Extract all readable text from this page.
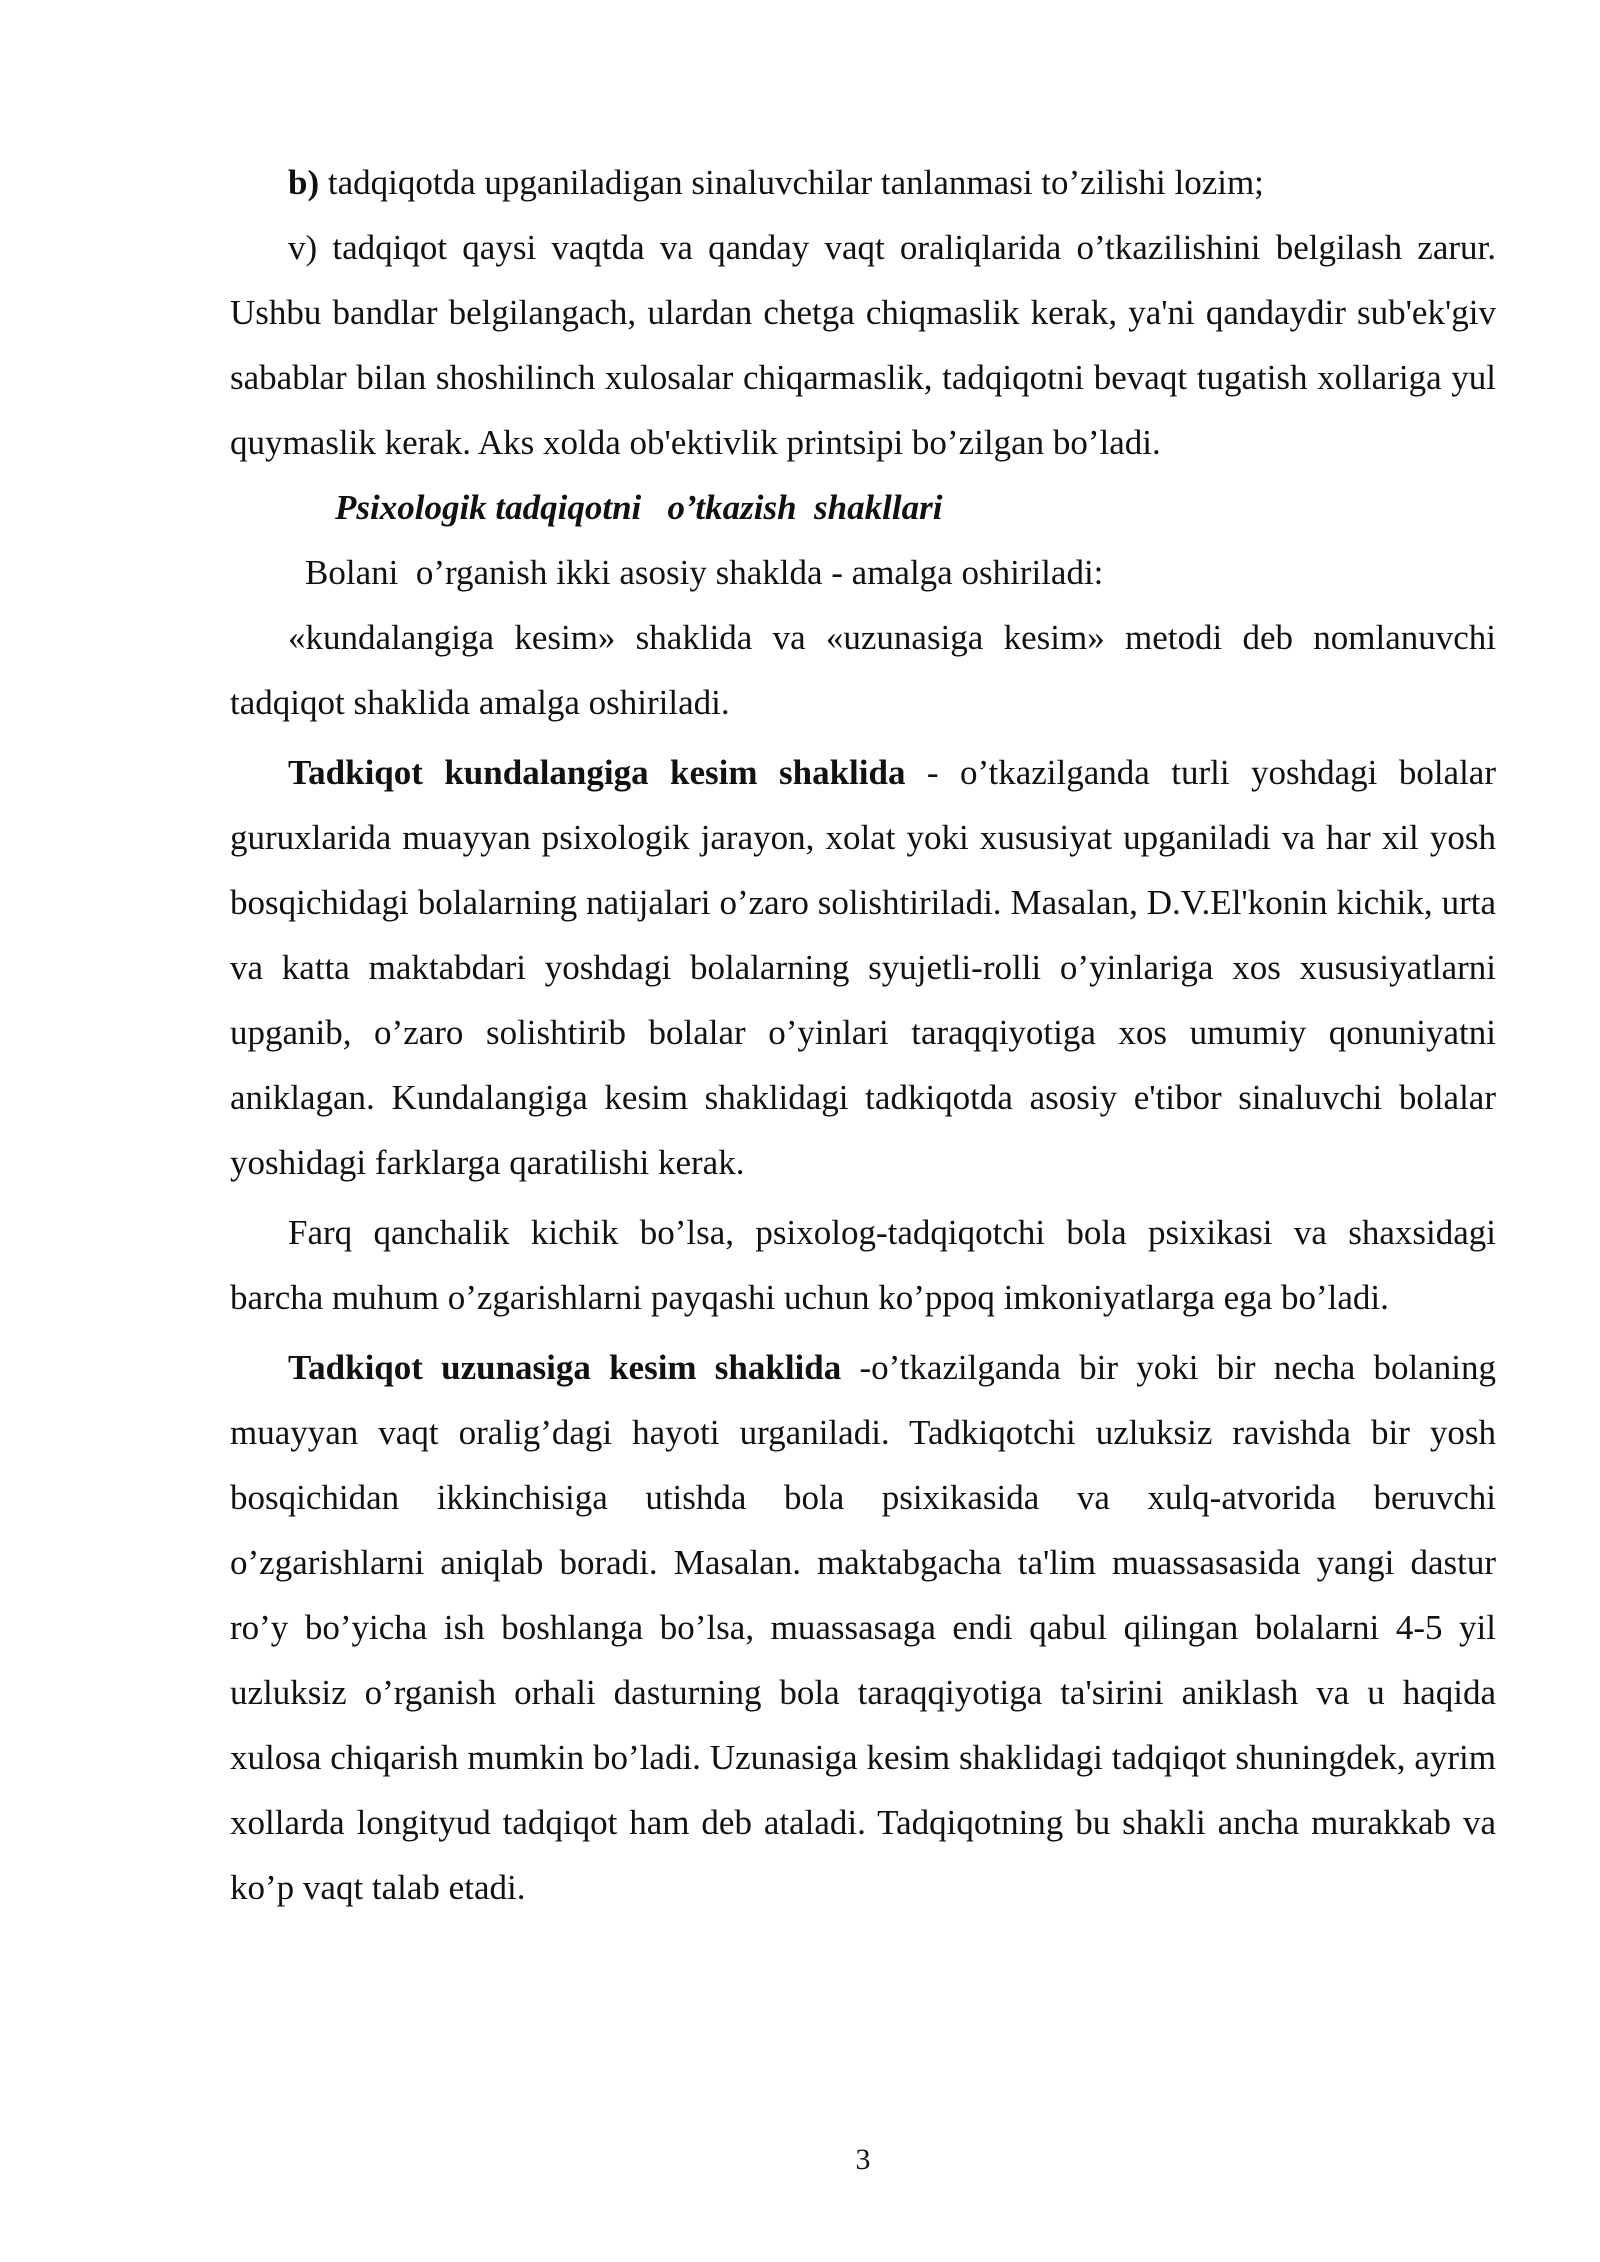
b) tadqiqotda upganiladigan sinaluvchilar tanlanmasi to’zilishi lozim;

v) tadqiqot qaysi vaqtda va qanday vaqt oraliqlarida o’tkazilishini belgilash zarur. Ushbu bandlar belgilangach, ulardan chetga chiqmaslik kerak, ya'ni qandaydir sub'ek'giv sabablar bilan shoshilinch xulosalar chiqarmaslik, tadqiqotni bevaqt tugatish xollariga yul quymaslik kerak. Aks xolda ob'ektivlik printsipi bo’zilgan bo’ladi.

Psixologik tadqiqotni   o’tkazish  shakllari

Bolani  o’rganish ikki asosiy shaklda - amalga oshiriladi:

«kundalangiga kesim» shaklida va «uzunasiga kesim» metodi deb nomlanuvchi tadqiqot shaklida amalga oshiriladi.

Tadkiqot kundalangiga kesim shaklida - o’tkazilganda turli yoshdagi bolalar guruxlarida muayyan psixologik jarayon, xolat yoki xususiyat upganiladi va har xil yosh bosqichidagi bolalarning natijalari o’zaro solishtiriladi. Masalan, D.V.El'konin kichik, urta va katta maktabdari yoshdagi bolalarning syujetli-rolli o’yinlariga xos xususiyatlarni upganib, o’zaro solishtirib bolalar o’yinlari taraqqiyotiga xos umumiy qonuniyatni aniklagan. Kundalangiga kesim shaklidagi tadkiqotda asosiy e'tibor sinaluvchi bolalar yoshidagi farklarga qaratilishi kerak.

Farq qanchalik kichik bo’lsa, psixolog-tadqiqotchi bola psixikasi va shaxsidagi barcha muhum o’zgarishlarni payqashi uchun ko’ppoq imkoniyatlarga ega bo’ladi.

Tadkiqot uzunasiga kesim shaklida -o’tkazilganda bir yoki bir necha bolaning muayyan vaqt oralig’dagi hayoti urganiladi. Tadkiqotchi uzluksiz ravishda bir yosh bosqichidan ikkinchisiga utishda bola psixikasida va xulq-atvorida beruvchi o’zgarishlarni aniqlab boradi. Masalan. maktabgacha ta'lim muassasasida yangi dastur ro’y bo’yicha ish boshlanga bo’lsa, muassasaga endi qabul qilingan bolalarni 4-5 yil uzluksiz o’rganish orhali dasturning bola taraqqiyotiga ta'sirini aniklash va u haqida xulosa chiqarish mumkin bo’ladi. Uzunasiga kesim shaklidagi tadqiqot shuningdek, ayrim xollarda longityud tadqiqot ham deb ataladi. Tadqiqotning bu shakli ancha murakkab va ko’p vaqt talab etadi.

3
